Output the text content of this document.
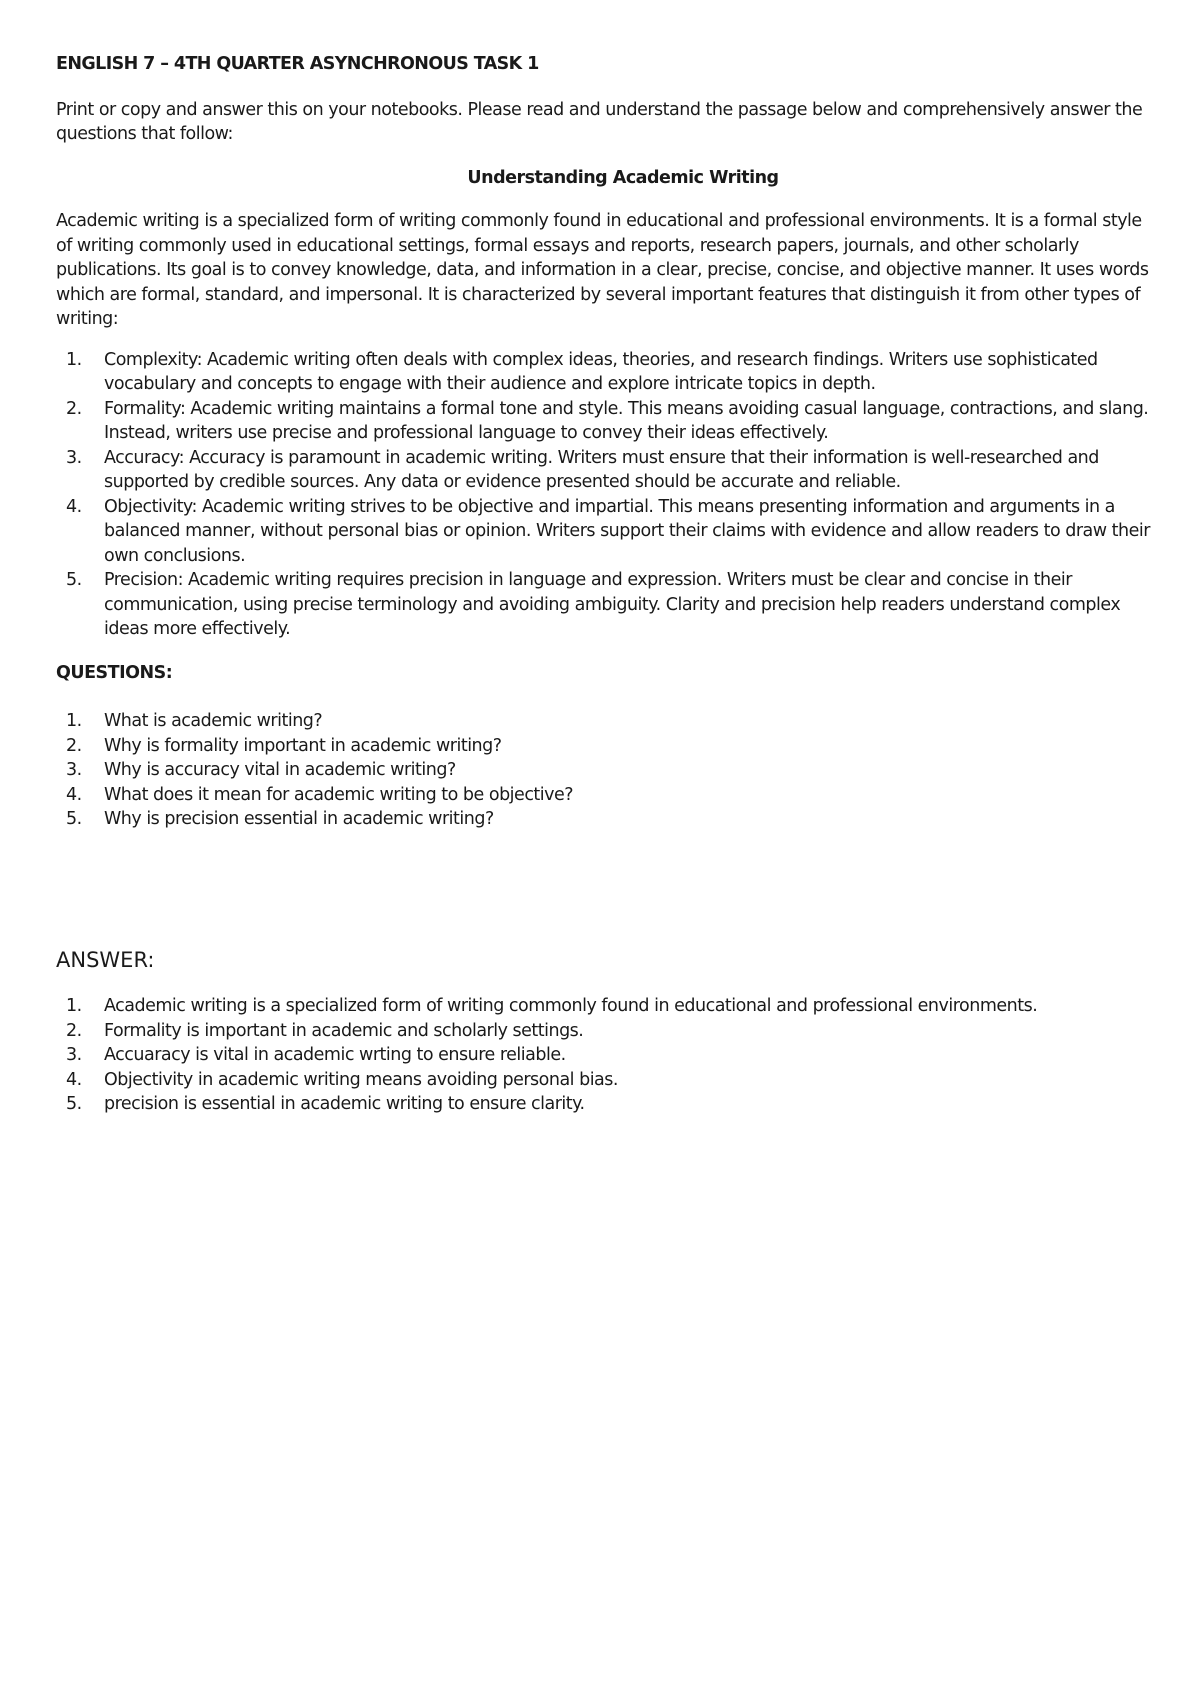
ENGLISH 7 – 4TH QUARTER ASYNCHRONOUS TASK 1

Print or copy and answer this on your notebooks. Please read and understand the passage below and comprehensively answer the questions that follow:

Understanding Academic Writing

Academic writing is a specialized form of writing commonly found in educational and professional environments. It is a formal style of writing commonly used in educational settings, formal essays and reports, research papers, journals, and other scholarly publications. Its goal is to convey knowledge, data, and information in a clear, precise, concise, and objective manner. It uses words which are formal, standard, and impersonal. It is characterized by several important features that distinguish it from other types of writing:

1.	Complexity: Academic writing often deals with complex ideas, theories, and research findings. Writers use sophisticated vocabulary and concepts to engage with their audience and explore intricate topics in depth.
2.	Formality: Academic writing maintains a formal tone and style. This means avoiding casual language, contractions, and slang. Instead, writers use precise and professional language to convey their ideas effectively.
3.	Accuracy: Accuracy is paramount in academic writing. Writers must ensure that their information is well-researched and supported by credible sources. Any data or evidence presented should be accurate and reliable.
4.	Objectivity: Academic writing strives to be objective and impartial. This means presenting information and arguments in a balanced manner, without personal bias or opinion. Writers support their claims with evidence and allow readers to draw their own conclusions.
5.	Precision: Academic writing requires precision in language and expression. Writers must be clear and concise in their communication, using precise terminology and avoiding ambiguity. Clarity and precision help readers understand complex ideas more effectively.

QUESTIONS:

1.	What is academic writing?
2.	Why is formality important in academic writing?
3.	Why is accuracy vital in academic writing?
4.	What does it mean for academic writing to be objective?
5.	Why is precision essential in academic writing?

ANSWER:

1.	Academic writing is a specialized form of writing commonly found in educational and professional environments.
2.	Formality is important in academic and scholarly settings.
3.	Accuaracy is vital in academic wrting to ensure reliable.
4.	Objectivity in academic writing means avoiding personal bias.
5.	precision is essential in academic writing to ensure clarity.
